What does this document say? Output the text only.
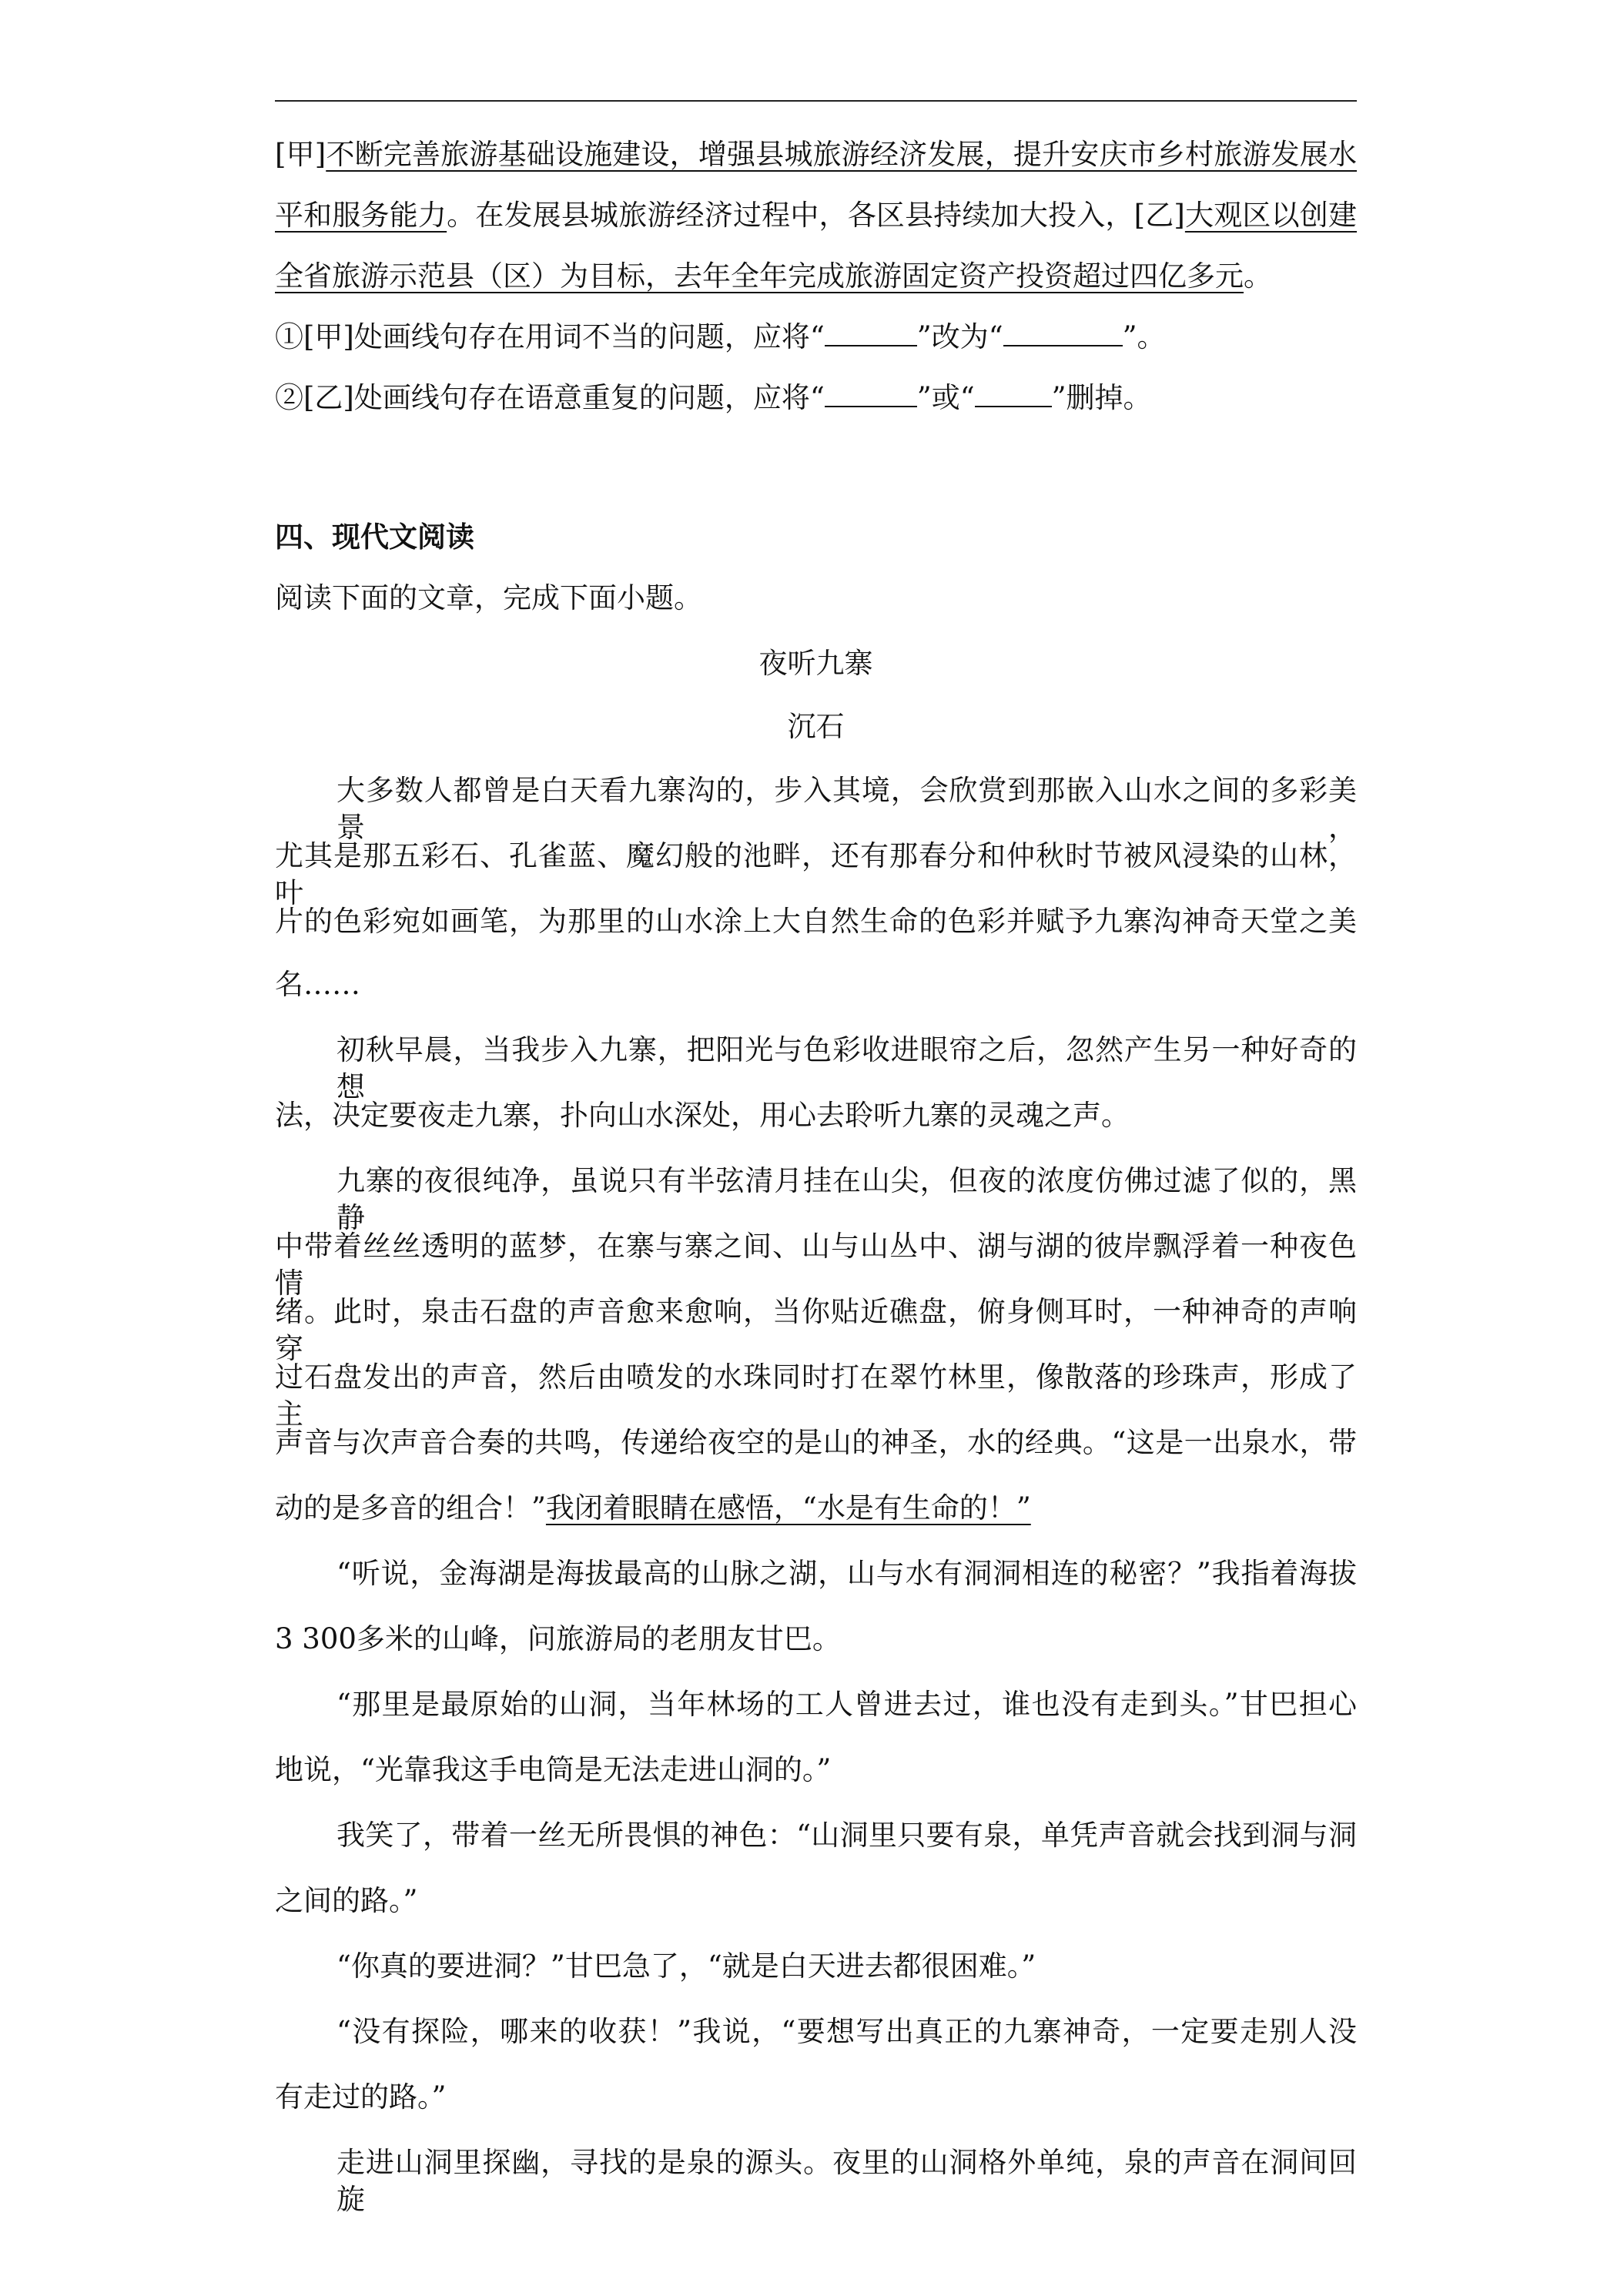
[甲]不断完善旅游基础设施建设，增强县城旅游经济发展，提升安庆市乡村旅游发展水
平和服务能力。在发展县城旅游经济过程中，各区县持续加大投入，[乙]大观区以创建
全省旅游示范县（区）为目标，去年全年完成旅游固定资产投资超过四亿多元。
①[甲]处画线句存在用词不当的问题，应将“	”改为“	”。
②[乙]处画线句存在语意重复的问题，应将“	”或“	”删掉。
四、现代文阅读
阅读下面的文章，完成下面小题。
夜听九寨
沉石
大多数人都曾是白天看九寨沟的，步入其境，会欣赏到那嵌入山水之间的多彩美景，
尤其是那五彩石、孔雀蓝、魔幻般的池畔，还有那春分和仲秋时节被风浸染的山林，叶
片的色彩宛如画笔，为那里的山水涂上大自然生命的色彩并赋予九寨沟神奇天堂之美
名……
初秋早晨，当我步入九寨，把阳光与色彩收进眼帘之后，忽然产生另一种好奇的想
法，决定要夜走九寨，扑向山水深处，用心去聆听九寨的灵魂之声。
九寨的夜很纯净，虽说只有半弦清月挂在山尖，但夜的浓度仿佛过滤了似的，黑静
中带着丝丝透明的蓝梦，在寨与寨之间、山与山丛中、湖与湖的彼岸飘浮着一种夜色情
绪。此时，泉击石盘的声音愈来愈响，当你贴近礁盘，俯身侧耳时，一种神奇的声响穿
过石盘发出的声音，然后由喷发的水珠同时打在翠竹林里，像散落的珍珠声，形成了主
声音与次声音合奏的共鸣，传递给夜空的是山的神圣，水的经典。“这是一出泉水，带
动的是多音的组合！”我闭着眼睛在感悟，“水是有生命的！”
“听说，金海湖是海拔最高的山脉之湖，山与水有洞洞相连的秘密？”我指着海拔
3 300多米的山峰，问旅游局的老朋友甘巴。
“那里是最原始的山洞，当年林场的工人曾进去过，谁也没有走到头。”甘巴担心
地说，“光靠我这手电筒是无法走进山洞的。”
我笑了，带着一丝无所畏惧的神色：“山洞里只要有泉，单凭声音就会找到洞与洞
之间的路。”
“你真的要进洞？”甘巴急了，“就是白天进去都很困难。”
“没有探险，哪来的收获！”我说，“要想写出真正的九寨神奇，一定要走别人没
有走过的路。”
走进山洞里探幽，寻找的是泉的源头。夜里的山洞格外单纯，泉的声音在洞间回旋
